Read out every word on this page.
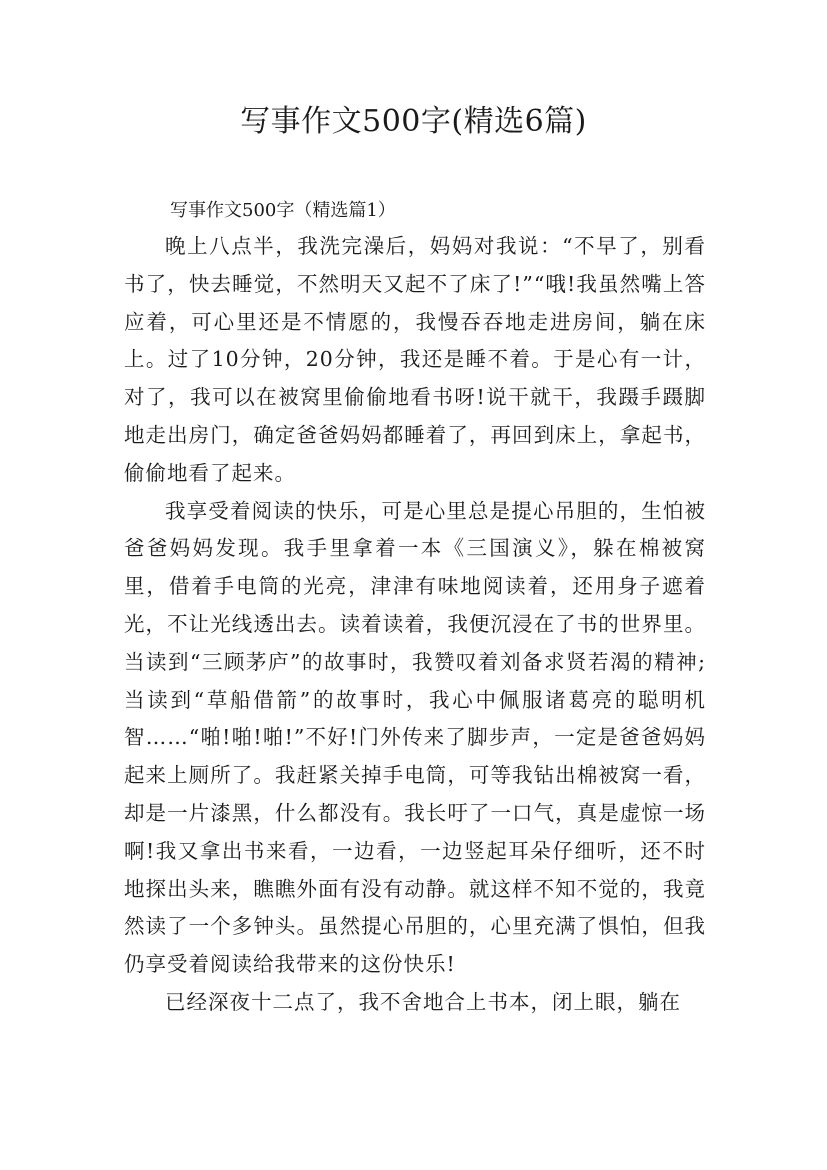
写事作文500字(精选6篇)

写事作文500字（精选篇1）

晚上八点半，我洗完澡后，妈妈对我说：“不早了，别看书了，快去睡觉，不然明天又起不了床了!”“哦!我虽然嘴上答应着，可心里还是不情愿的，我慢吞吞地走进房间，躺在床上。过了10分钟，20分钟，我还是睡不着。于是心有一计，对了，我可以在被窝里偷偷地看书呀!说干就干，我蹑手蹑脚地走出房门，确定爸爸妈妈都睡着了，再回到床上，拿起书，偷偷地看了起来。

我享受着阅读的快乐，可是心里总是提心吊胆的，生怕被爸爸妈妈发现。我手里拿着一本《三国演义》，躲在棉被窝里，借着手电筒的光亮，津津有味地阅读着，还用身子遮着光，不让光线透出去。读着读着，我便沉浸在了书的世界里。当读到“三顾茅庐”的故事时，我赞叹着刘备求贤若渴的精神;当读到“草船借箭”的故事时，我心中佩服诸葛亮的聪明机智……“啪!啪!啪!”不好!门外传来了脚步声，一定是爸爸妈妈起来上厕所了。我赶紧关掉手电筒，可等我钻出棉被窝一看，却是一片漆黑，什么都没有。我长吁了一口气，真是虚惊一场啊!我又拿出书来看，一边看，一边竖起耳朵仔细听，还不时地探出头来，瞧瞧外面有没有动静。就这样不知不觉的，我竟然读了一个多钟头。虽然提心吊胆的，心里充满了惧怕，但我仍享受着阅读给我带来的这份快乐!

已经深夜十二点了，我不舍地合上书本，闭上眼，躺在
